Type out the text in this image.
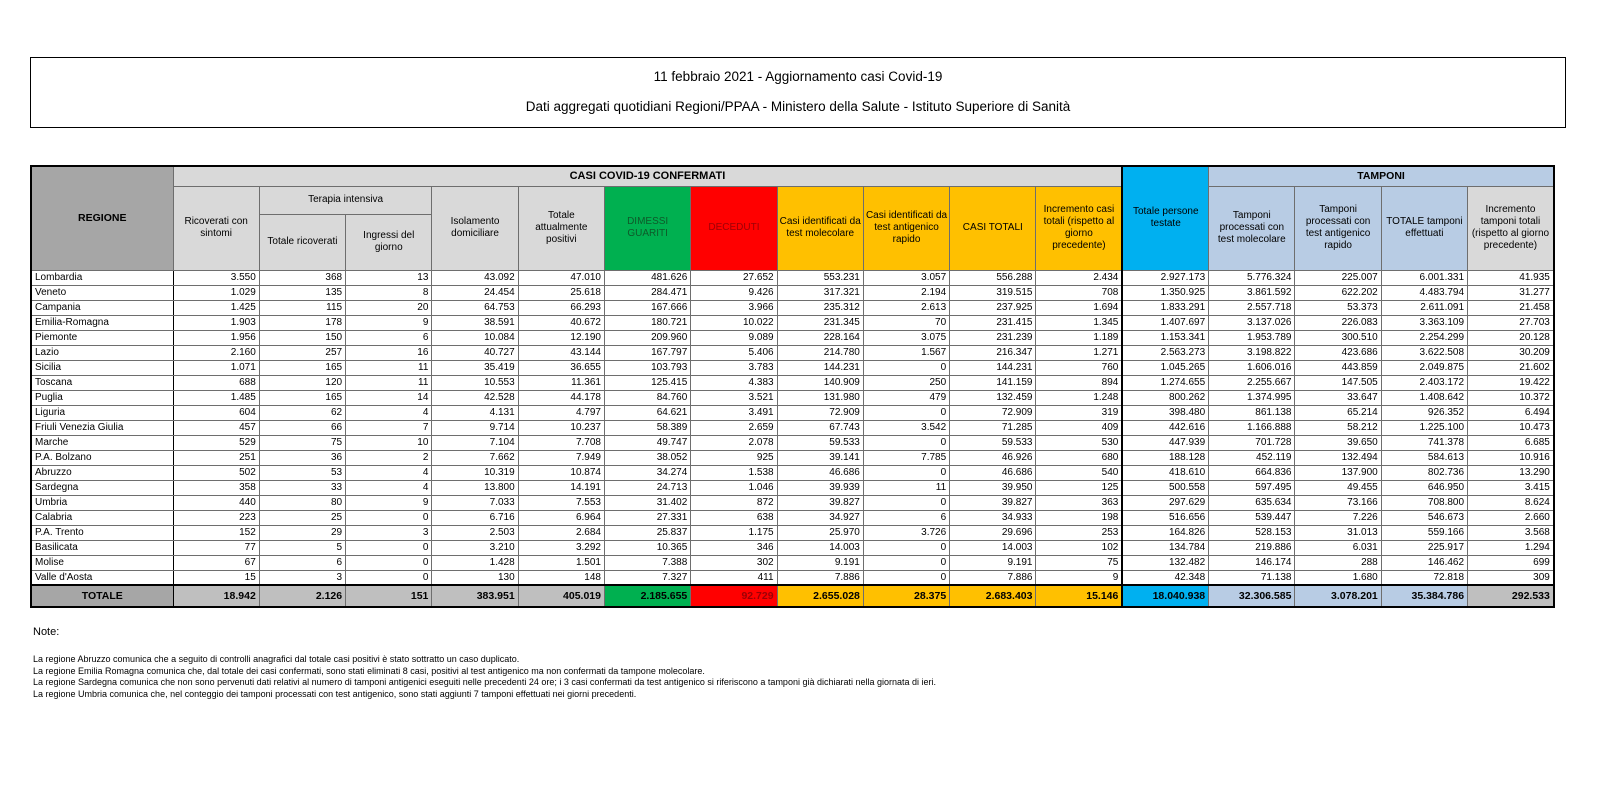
11 febbraio 2021 - Aggiornamento casi Covid-19
Dati aggregati quotidiani Regioni/PPAA - Ministero della Salute - Istituto Superiore di Sanità
REGIONE	CASI COVID-19 CONFERMATI											Totale persone testate	TAMPONI			
	Ricoverati con sintomi	Terapia intensiva		Isolamento domiciliare	Totale attualmente positivi	DIMESSI GUARITI	DECEDUTI	Casi identificati da test molecolare	Casi identificati da test antigenico rapido	CASI TOTALI	Incremento casi totali (rispetto al giorno precedente)		Tamponi processati con test molecolare	Tamponi processati con test antigenico rapido	TOTALE tamponi effettuati	Incremento tamponi totali (rispetto al giorno precedente)
		Totale ricoverati	Ingressi del giorno													
Lombardia	3.550	368	13	43.092	47.010	481.626	27.652	553.231	3.057	556.288	2.434	2.927.173	5.776.324	225.007	6.001.331	41.935
Veneto	1.029	135	8	24.454	25.618	284.471	9.426	317.321	2.194	319.515	708	1.350.925	3.861.592	622.202	4.483.794	31.277
Campania	1.425	115	20	64.753	66.293	167.666	3.966	235.312	2.613	237.925	1.694	1.833.291	2.557.718	53.373	2.611.091	21.458
Emilia-Romagna	1.903	178	9	38.591	40.672	180.721	10.022	231.345	70	231.415	1.345	1.407.697	3.137.026	226.083	3.363.109	27.703
Piemonte	1.956	150	6	10.084	12.190	209.960	9.089	228.164	3.075	231.239	1.189	1.153.341	1.953.789	300.510	2.254.299	20.128
Lazio	2.160	257	16	40.727	43.144	167.797	5.406	214.780	1.567	216.347	1.271	2.563.273	3.198.822	423.686	3.622.508	30.209
Sicilia	1.071	165	11	35.419	36.655	103.793	3.783	144.231	0	144.231	760	1.045.265	1.606.016	443.859	2.049.875	21.602
Toscana	688	120	11	10.553	11.361	125.415	4.383	140.909	250	141.159	894	1.274.655	2.255.667	147.505	2.403.172	19.422
Puglia	1.485	165	14	42.528	44.178	84.760	3.521	131.980	479	132.459	1.248	800.262	1.374.995	33.647	1.408.642	10.372
Liguria	604	62	4	4.131	4.797	64.621	3.491	72.909	0	72.909	319	398.480	861.138	65.214	926.352	6.494
Friuli Venezia Giulia	457	66	7	9.714	10.237	58.389	2.659	67.743	3.542	71.285	409	442.616	1.166.888	58.212	1.225.100	10.473
Marche	529	75	10	7.104	7.708	49.747	2.078	59.533	0	59.533	530	447.939	701.728	39.650	741.378	6.685
P.A. Bolzano	251	36	2	7.662	7.949	38.052	925	39.141	7.785	46.926	680	188.128	452.119	132.494	584.613	10.916
Abruzzo	502	53	4	10.319	10.874	34.274	1.538	46.686	0	46.686	540	418.610	664.836	137.900	802.736	13.290
Sardegna	358	33	4	13.800	14.191	24.713	1.046	39.939	11	39.950	125	500.558	597.495	49.455	646.950	3.415
Umbria	440	80	9	7.033	7.553	31.402	872	39.827	0	39.827	363	297.629	635.634	73.166	708.800	8.624
Calabria	223	25	0	6.716	6.964	27.331	638	34.927	6	34.933	198	516.656	539.447	7.226	546.673	2.660
P.A. Trento	152	29	3	2.503	2.684	25.837	1.175	25.970	3.726	29.696	253	164.826	528.153	31.013	559.166	3.568
Basilicata	77	5	0	3.210	3.292	10.365	346	14.003	0	14.003	102	134.784	219.886	6.031	225.917	1.294
Molise	67	6	0	1.428	1.501	7.388	302	9.191	0	9.191	75	132.482	146.174	288	146.462	699
Valle d'Aosta	15	3	0	130	148	7.327	411	7.886	0	7.886	9	42.348	71.138	1.680	72.818	309
TOTALE	18.942	2.126	151	383.951	405.019	2.185.655	92.729	2.655.028	28.375	2.683.403	15.146	18.040.938	32.306.585	3.078.201	35.384.786	292.533
Note:
La regione Abruzzo comunica che a seguito di controlli anagrafici dal totale casi positivi è stato sottratto un caso duplicato.
La regione Emilia Romagna comunica che, dal totale dei casi confermati, sono stati eliminati 8 casi, positivi al test antigenico ma non confermati da tampone molecolare.
La regione Sardegna comunica che non sono pervenuti dati relativi al numero di tamponi antigenici eseguiti nelle precedenti 24 ore; i 3 casi confermati da test antigenico si riferiscono a tamponi già dichiarati nella giornata di ieri.
La regione Umbria comunica che, nel conteggio dei tamponi processati con test antigenico, sono stati aggiunti 7 tamponi effettuati nei giorni precedenti.
